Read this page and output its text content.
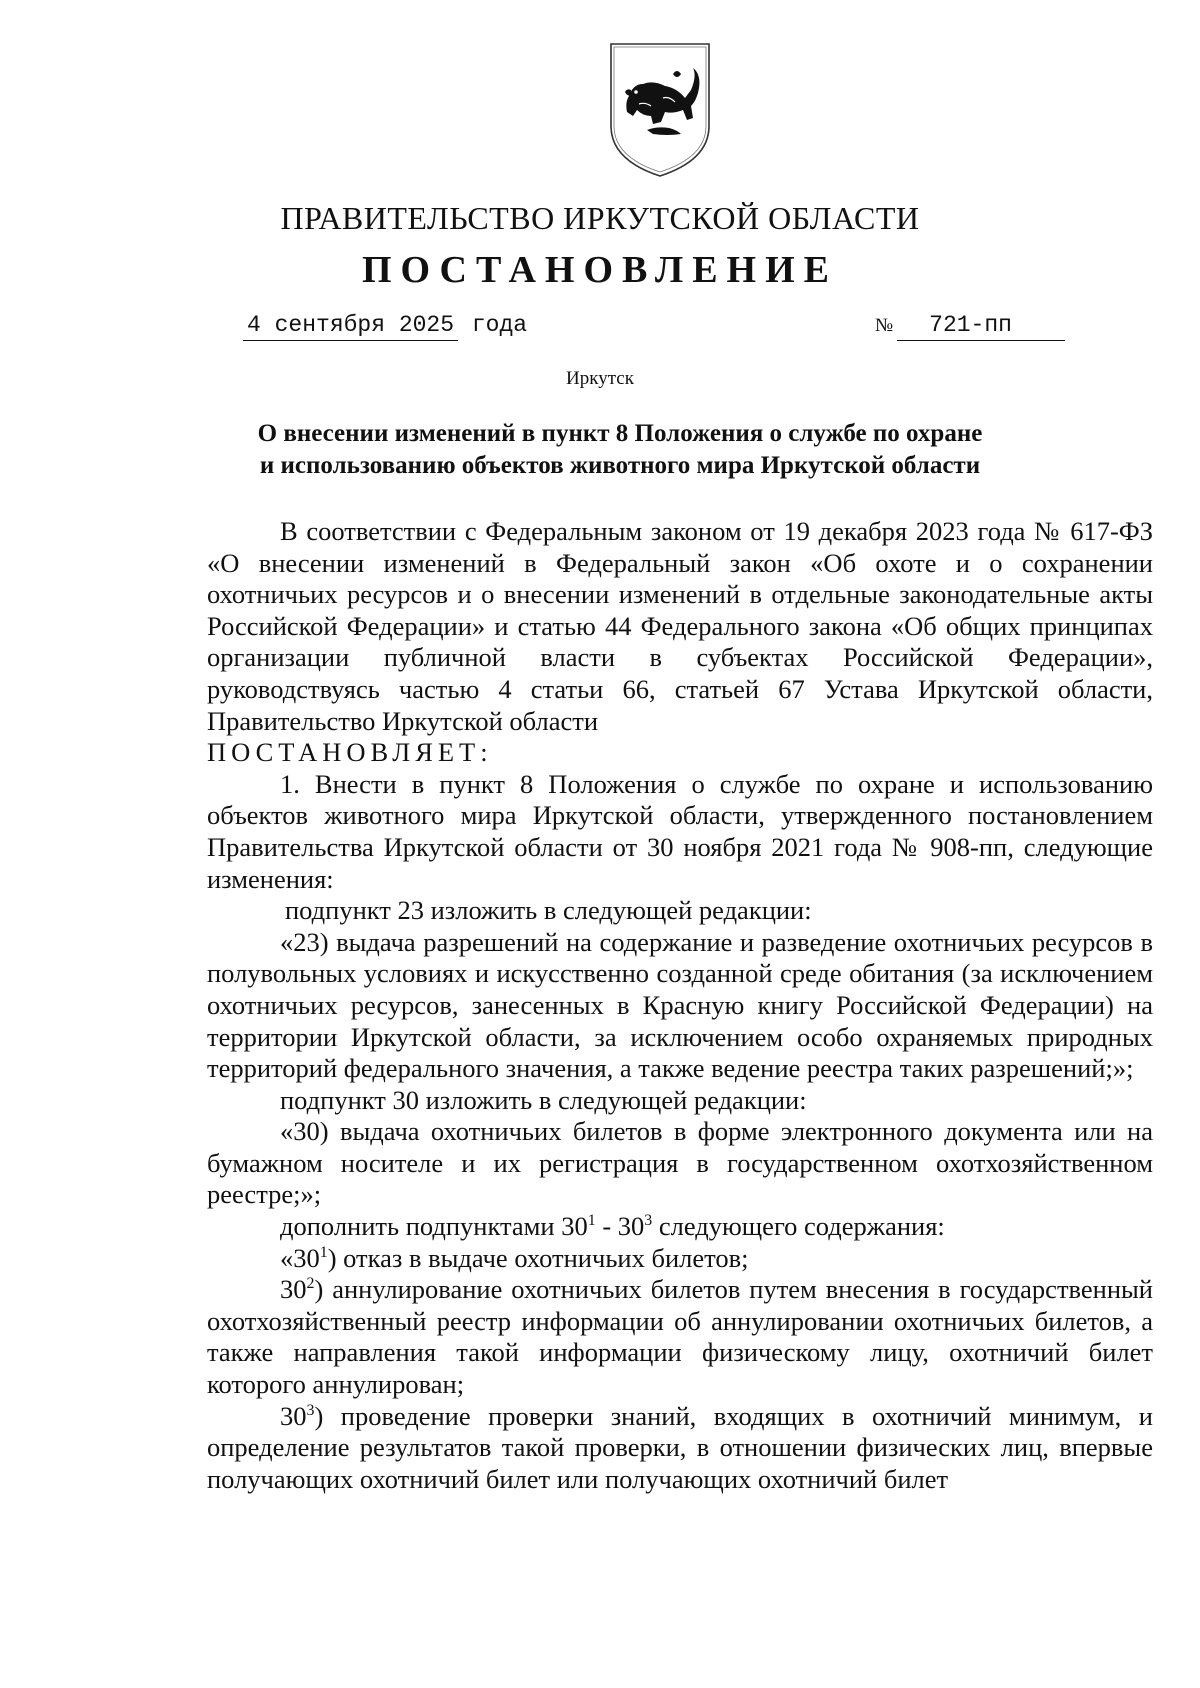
ПРАВИТЕЛЬСТВО ИРКУТСКОЙ ОБЛАСТИ
ПОСТАНОВЛЕНИЕ
4 сентября 2025 года	№ 721-пп
Иркутск
О внесении изменений в пункт 8 Положения о службе по охране
и использованию объектов животного мира Иркутской области

В соответствии с Федеральным законом от 19 декабря 2023 года № 617-ФЗ «О внесении изменений в Федеральный закон «Об охоте и о сохранении охотничьих ресурсов и о внесении изменений в отдельные законодательные акты Российской Федерации» и статью 44 Федерального закона «Об общих принципах организации публичной власти в субъектах Российской Федерации», руководствуясь частью 4 статьи 66, статьей 67 Устава Иркутской области, Правительство Иркутской области

ПОСТАНОВЛЯЕТ:

1. Внести в пункт 8 Положения о службе по охране и использованию объектов животного мира Иркутской области, утвержденного постановлением Правительства Иркутской области от 30 ноября 2021 года № 908-пп, следующие изменения:

подпункт 23 изложить в следующей редакции:

«23) выдача разрешений на содержание и разведение охотничьих ресурсов в полувольных условиях и искусственно созданной среде обитания (за исключением охотничьих ресурсов, занесенных в Красную книгу Российской Федерации) на территории Иркутской области, за исключением особо охраняемых природных территорий федерального значения, а также ведение реестра таких разрешений;»;

подпункт 30 изложить в следующей редакции:

«30) выдача охотничьих билетов в форме электронного документа или на бумажном носителе и их регистрация в государственном охотхозяйственном реестре;»;

дополнить подпунктами $30^1 - 30^3$ следующего содержания:

«$30^1$) отказ в выдаче охотничьих билетов;

$30^2$) аннулирование охотничьих билетов путем внесения в государственный охотхозяйственный реестр информации об аннулировании охотничьих билетов, а также направления такой информации физическому лицу, охотничий билет которого аннулирован;

$30^3$) проведение проверки знаний, входящих в охотничий минимум, и определение результатов такой проверки, в отношении физических лиц, впервые получающих охотничий билет или получающих охотничий билет
